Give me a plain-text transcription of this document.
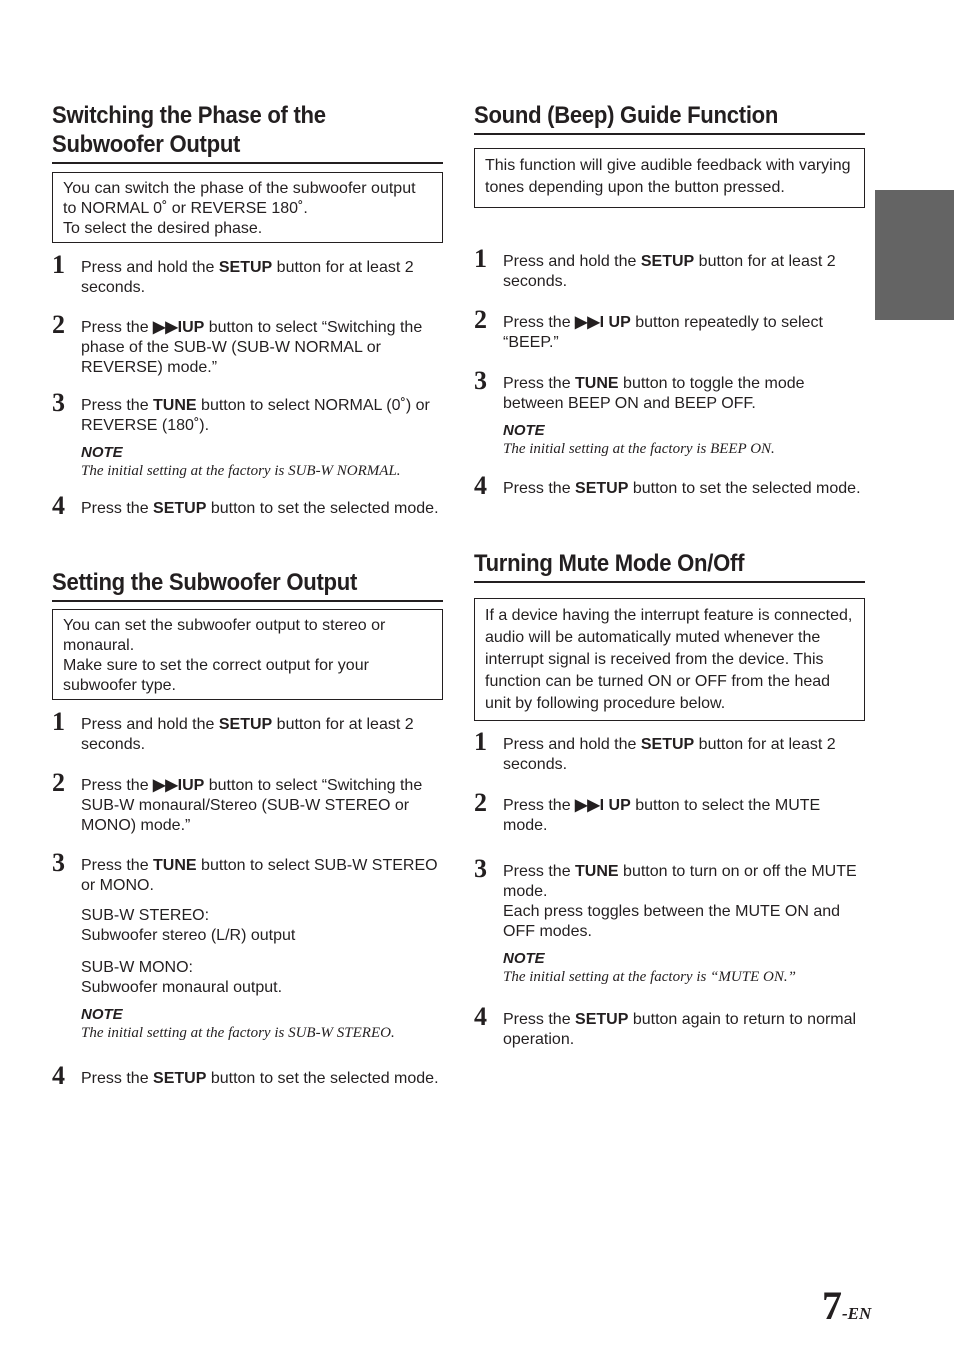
Switching the Phase of the
Subwoofer Output

You can switch the phase of the subwoofer output

to NORMAL 0˚ or REVERSE 180˚.

To select the desired phase.

1 Press and hold the SETUP button for at least 2 seconds.
2 Press the ▶▶IUP button to select “Switching the phase of the SUB-W (SUB-W NORMAL or REVERSE) mode.”
3 Press the TUNE button to select NORMAL (0˚) or REVERSE (180˚).
NOTE
The initial setting at the factory is SUB-W NORMAL.
4 Press the SETUP button to set the selected mode.
Setting the Subwoofer Output

You can set the subwoofer output to stereo or monaural.

Make sure to set the correct output for your subwoofer type.

1 Press and hold the SETUP button for at least 2 seconds.
2 Press the ▶▶IUP button to select “Switching the SUB-W monaural/Stereo (SUB-W STEREO or MONO) mode.”
3 Press the TUNE button to select SUB-W STEREO or MONO.

SUB-W STEREO:

Subwoofer stereo (L/R) output

SUB-W MONO:

Subwoofer monaural output.

NOTE
The initial setting at the factory is SUB-W STEREO.
4 Press the SETUP button to set the selected mode.
Sound (Beep) Guide Function

This function will give audible feedback with varying tones depending upon the button pressed.

1 Press and hold the SETUP button for at least 2 seconds.
2 Press the ▶▶I UP button repeatedly to select “BEEP.”
3 Press the TUNE button to toggle the mode between BEEP ON and BEEP OFF.
NOTE
The initial setting at the factory is BEEP ON.
4 Press the SETUP button to set the selected mode.
Turning Mute Mode On/Off

If a device having the interrupt feature is connected, audio will be automatically muted whenever the interrupt signal is received from the device. This function can be turned ON or OFF from the head unit by following procedure below.

1 Press and hold the SETUP button for at least 2 seconds.
2 Press the ▶▶I UP button to select the MUTE mode.
3 Press the TUNE button to turn on or off the MUTE mode.
Each press toggles between the MUTE ON and OFF modes.
NOTE
The initial setting at the factory is “MUTE ON.”
4 Press the SETUP button again to return to normal operation.
7-EN
